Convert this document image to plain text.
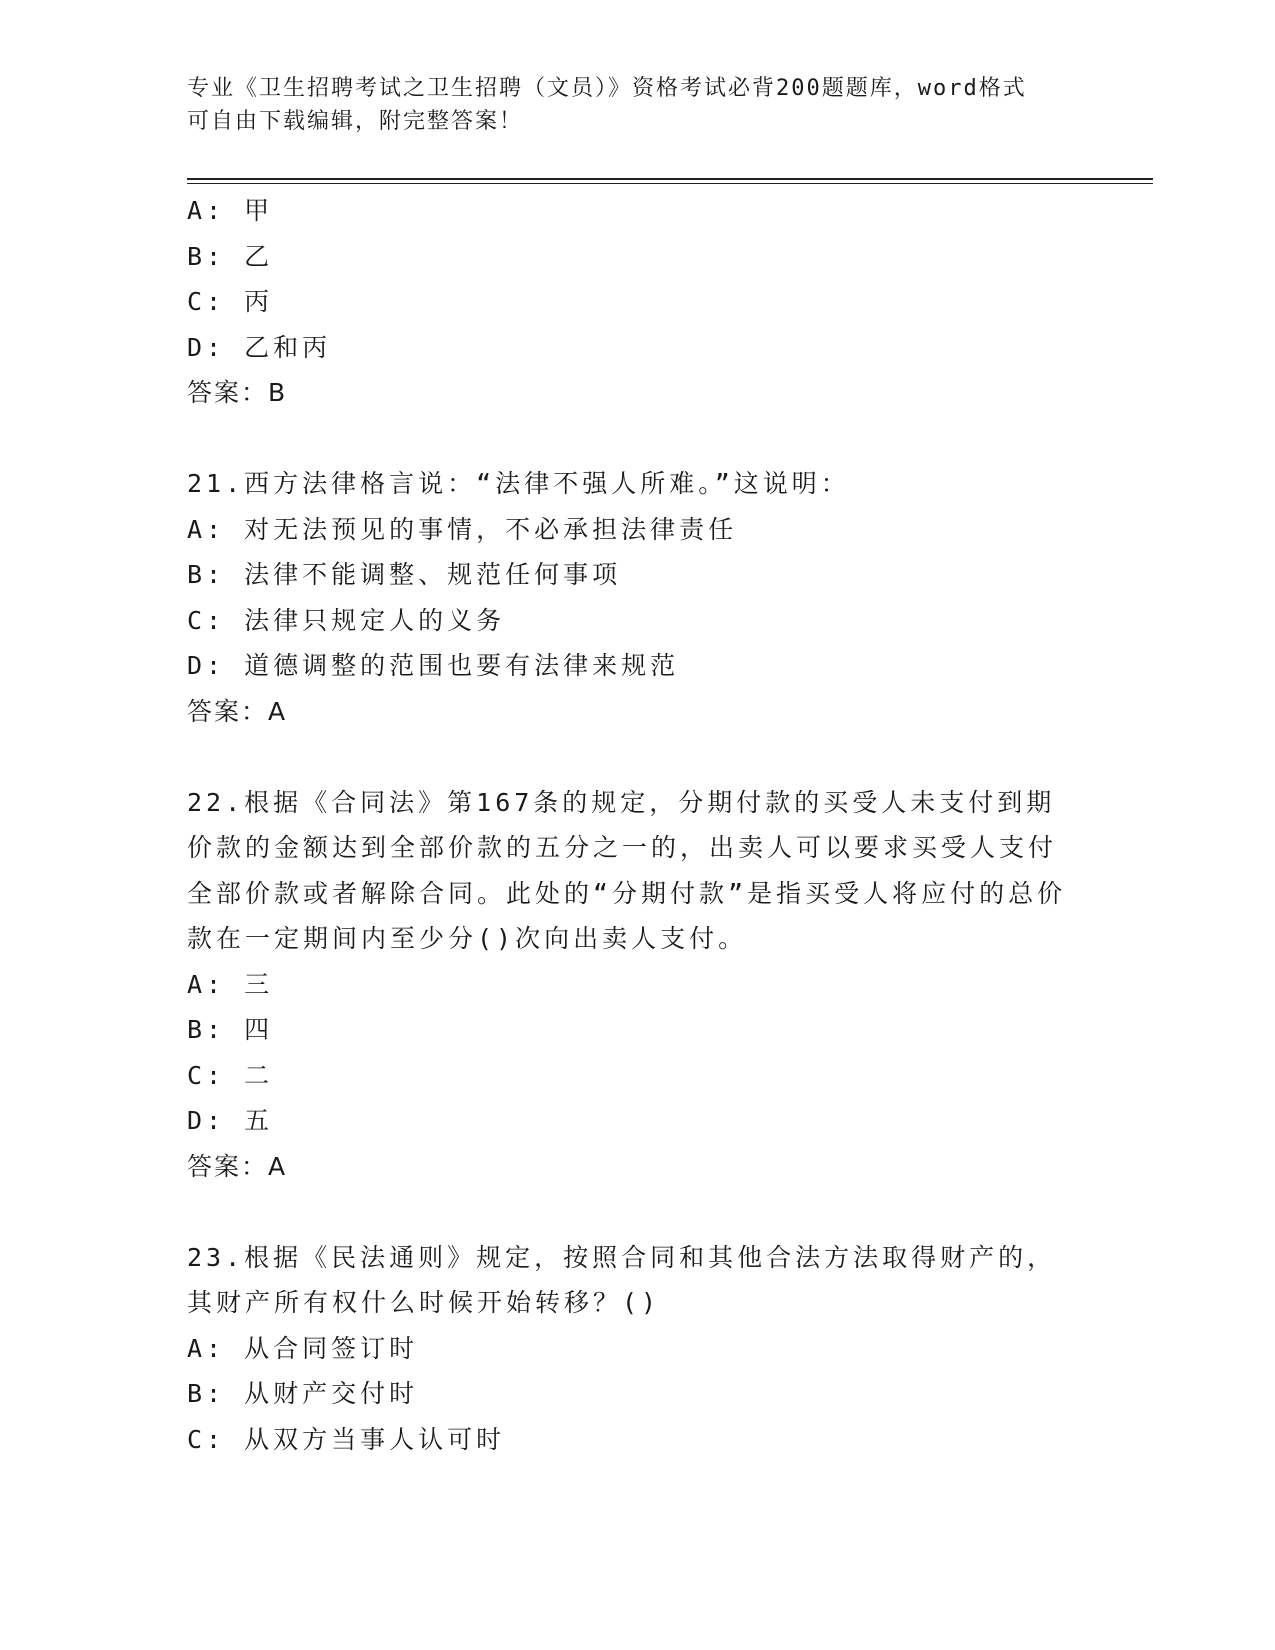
专业《卫生招聘考试之卫生招聘（文员）》资格考试必背200题题库，word格式
可自由下载编辑，附完整答案！
A: 甲
B: 乙
C: 丙
D: 乙和丙
答案：B
21.西方法律格言说：“法律不强人所难。”这说明：
A: 对无法预见的事情，不必承担法律责任
B: 法律不能调整、规范任何事项
C: 法律只规定人的义务
D: 道德调整的范围也要有法律来规范
答案：A
22.根据《合同法》第167条的规定，分期付款的买受人未支付到期价款的金额达到全部价款的五分之一的，出卖人可以要求买受人支付全部价款或者解除合同。此处的“分期付款”是指买受人将应付的总价款在一定期间内至少分()次向出卖人支付。
A: 三
B: 四
C: 二
D: 五
答案：A
23.根据《民法通则》规定，按照合同和其他合法方法取得财产的，其财产所有权什么时候开始转移？()
A: 从合同签订时
B: 从财产交付时
C: 从双方当事人认可时
